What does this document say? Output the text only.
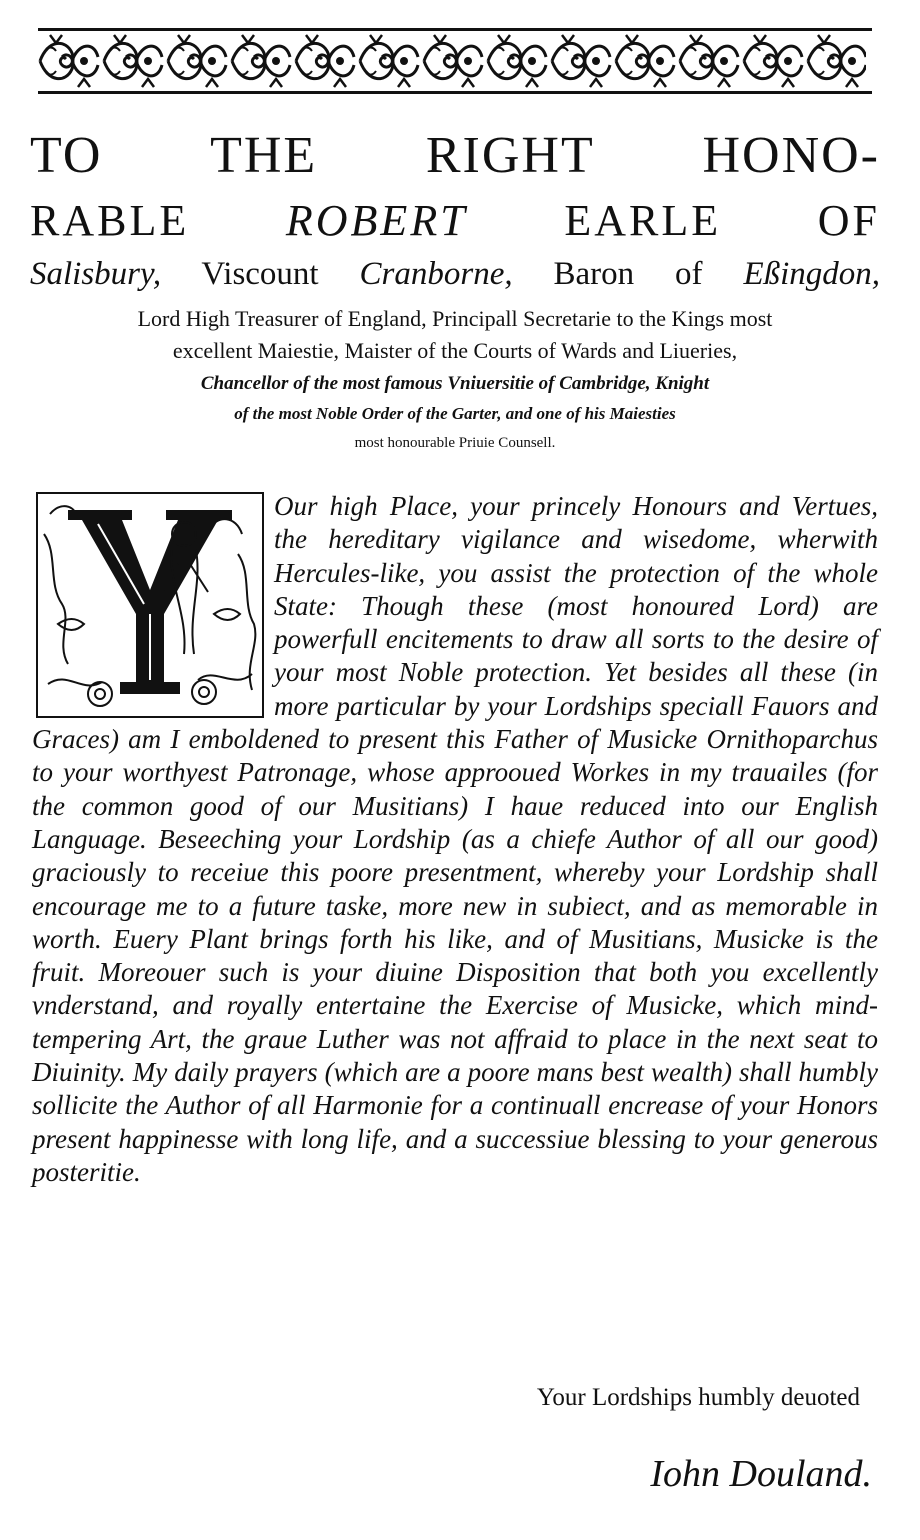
TO THE RIGHT HONO-
RABLE ROBERT EARLE OF
Salisbury, Viscount Cranborne, Baron of Eßingdon,
Lord High Treasurer of England, Principall Secretarie to the Kings most
excellent Maiestie, Maister of the Courts of Wards and Liueries,
Chancellor of the most famous Vniuersitie of Cambridge, Knight
of the most Noble Order of the Garter, and one of his Maiesties
most honourable Priuie Counsell.
Our high Place, your princely Honours and Vertues, the hereditary vigilance and wisedome, wherwith Hercules-like, you assist the protection of the whole State: Though these (most honoured Lord) are powerfull encitements to draw all sorts to the desire of your most Noble protection. Yet besides all these (in more particular by your Lordships speciall Fauors and Graces) am I emboldened to present this Father of Musicke Ornithoparchus to your worthyest Patronage, whose approoued Workes in my trauailes (for the common good of our Musitians) I haue reduced into our English Language. Beseeching your Lordship (as a chiefe Author of all our good) graciously to receiue this poore presentment, whereby your Lordship shall encourage me to a future taske, more new in subiect, and as memorable in worth. Euery Plant brings forth his like, and of Musitians, Musicke is the fruit. Moreouer such is your diuine Disposition that both you excellently vnderstand, and royally entertaine the Exercise of Musicke, which mind-tempering Art, the graue Luther was not affraid to place in the next seat to Diuinity. My daily prayers (which are a poore mans best wealth) shall humbly sollicite the Author of all Harmonie for a continuall encrease of your Honors present happinesse with long life, and a successiue blessing to your generous posteritie.
Your Lordships humbly deuoted
Iohn Douland.
